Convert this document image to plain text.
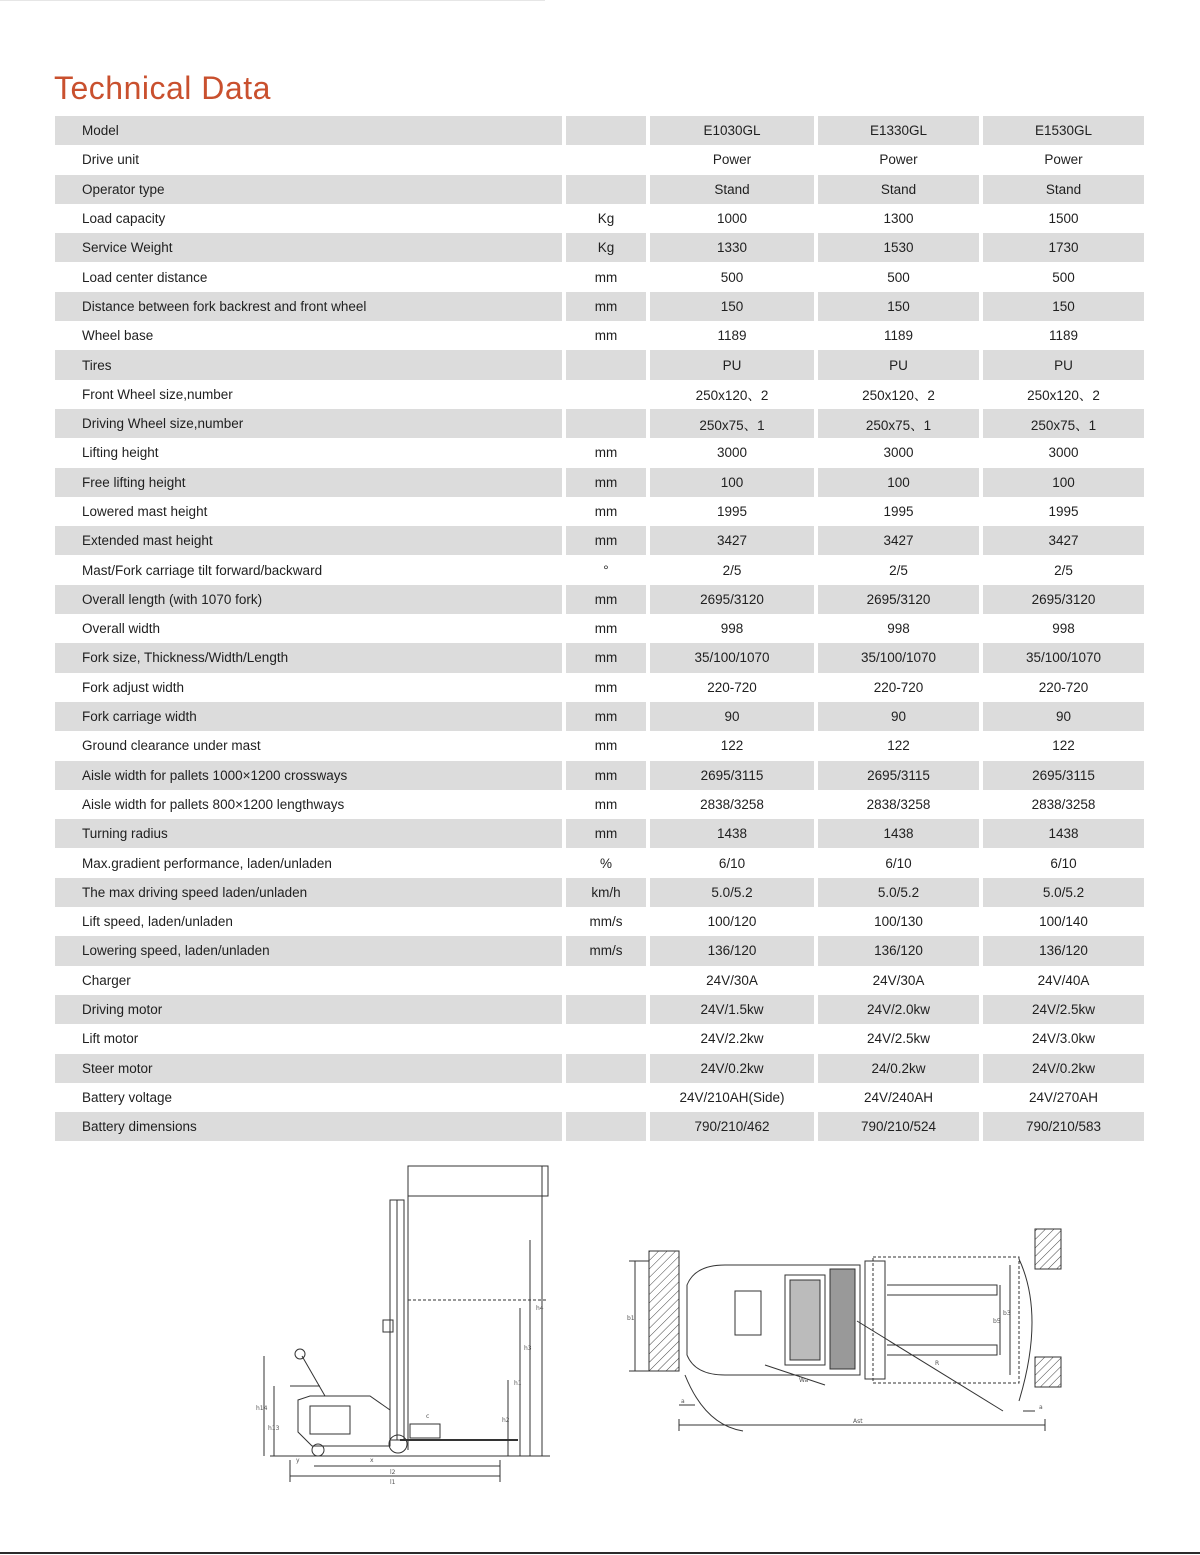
Technical Data
Model		E1030GL	E1330GL	E1530GL
Drive unit		Power	Power	Power
Operator type		Stand	Stand	Stand
Load capacity	Kg	1000	1300	1500
Service Weight	Kg	1330	1530	1730
Load center distance	mm	500	500	500
Distance between fork backrest and front wheel	mm	150	150	150
Wheel base	mm	1189	1189	1189
Tires		PU	PU	PU
Front Wheel size,number		250x120、2	250x120、2	250x120、2
Driving Wheel size,number		250x75、1	250x75、1	250x75、1
Lifting height	mm	3000	3000	3000
Free lifting height	mm	100	100	100
Lowered mast height	mm	1995	1995	1995
Extended mast height	mm	3427	3427	3427
Mast/Fork carriage tilt forward/backward	°	2/5	2/5	2/5
Overall length (with 1070 fork)	mm	2695/3120	2695/3120	2695/3120
Overall width	mm	998	998	998
Fork size, Thickness/Width/Length	mm	35/100/1070	35/100/1070	35/100/1070
Fork adjust width	mm	220-720	220-720	220-720
Fork carriage width	mm	90	90	90
Ground clearance under mast	mm	122	122	122
Aisle width for pallets 1000×1200 crossways	mm	2695/3115	2695/3115	2695/3115
Aisle width for pallets 800×1200 lengthways	mm	2838/3258	2838/3258	2838/3258
Turning radius	mm	1438	1438	1438
Max.gradient performance, laden/unladen	%	6/10	6/10	6/10
The max driving speed laden/unladen	km/h	5.0/5.2	5.0/5.2	5.0/5.2
Lift speed, laden/unladen	mm/s	100/120	100/130	100/140
Lowering speed, laden/unladen	mm/s	136/120	136/120	136/120
Charger		24V/30A	24V/30A	24V/40A
Driving motor		24V/1.5kw	24V/2.0kw	24V/2.5kw
Lift motor		24V/2.2kw	24V/2.5kw	24V/3.0kw
Steer motor		24V/0.2kw	24/0.2kw	24V/0.2kw
Battery voltage		24V/210AH(Side)	24V/240AH	24V/270AH
Battery dimensions		790/210/462	790/210/524	790/210/583
h4
h3
h1
h2
h14
h13
l2
l1
c
x
y
b1	b5
b3
Wa
R
Ast
a
a
